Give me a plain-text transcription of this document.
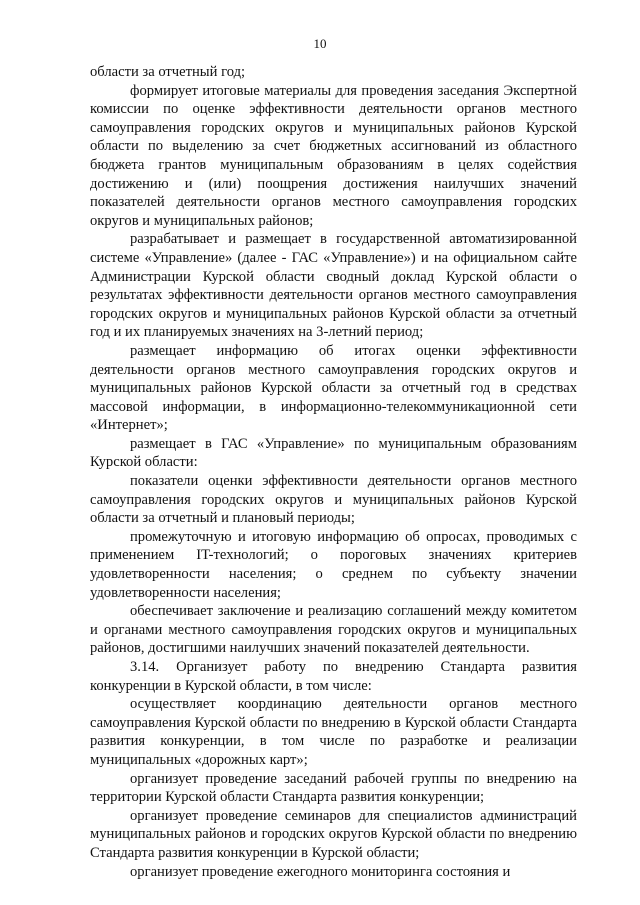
10

области за отчетный год;

формирует итоговые материалы для проведения заседания Экспертной комиссии по оценке эффективности деятельности органов местного самоуправления городских округов и муниципальных районов Курской области по выделению за счет бюджетных ассигнований из областного бюджета грантов муниципальным образованиям в целях содействия достижению и (или) поощрения достижения наилучших значений показателей деятельности органов местного самоуправления городских округов и муниципальных районов;

разрабатывает и размещает в государственной автоматизированной системе «Управление» (далее - ГАС «Управление») и на официальном сайте Администрации Курской области сводный доклад Курской области о результатах эффективности деятельности органов местного самоуправления городских округов и муниципальных районов Курской области за отчетный год и их планируемых значениях на 3-летний период;

размещает информацию об итогах оценки эффективности деятельности органов местного самоуправления городских округов и муниципальных районов Курской области за отчетный год в средствах массовой информации, в информационно-телекоммуникационной сети «Интернет»;

размещает в ГАС «Управление» по муниципальным образованиям Курской области:

показатели оценки эффективности деятельности органов местного самоуправления городских округов и муниципальных районов Курской области за отчетный и плановый периоды;

промежуточную и итоговую информацию об опросах, проводимых с применением IT-технологий; о пороговых значениях критериев удовлетворенности населения; о среднем по субъекту значении удовлетворенности населения;

обеспечивает заключение и реализацию соглашений между комитетом и органами местного самоуправления городских округов и муниципальных районов, достигшими наилучших значений показателей деятельности.

3.14. Организует работу по внедрению Стандарта развития конкуренции в Курской области, в том числе:

осуществляет координацию деятельности органов местного самоуправления Курской области по внедрению в Курской области Стандарта развития конкуренции, в том числе по разработке и реализации муниципальных «дорожных карт»;

организует проведение заседаний рабочей группы по внедрению на территории Курской области Стандарта развития конкуренции;

организует проведение семинаров для специалистов администраций муниципальных районов и городских округов Курской области по внедрению Стандарта развития конкуренции в Курской области;

организует проведение ежегодного мониторинга состояния и
